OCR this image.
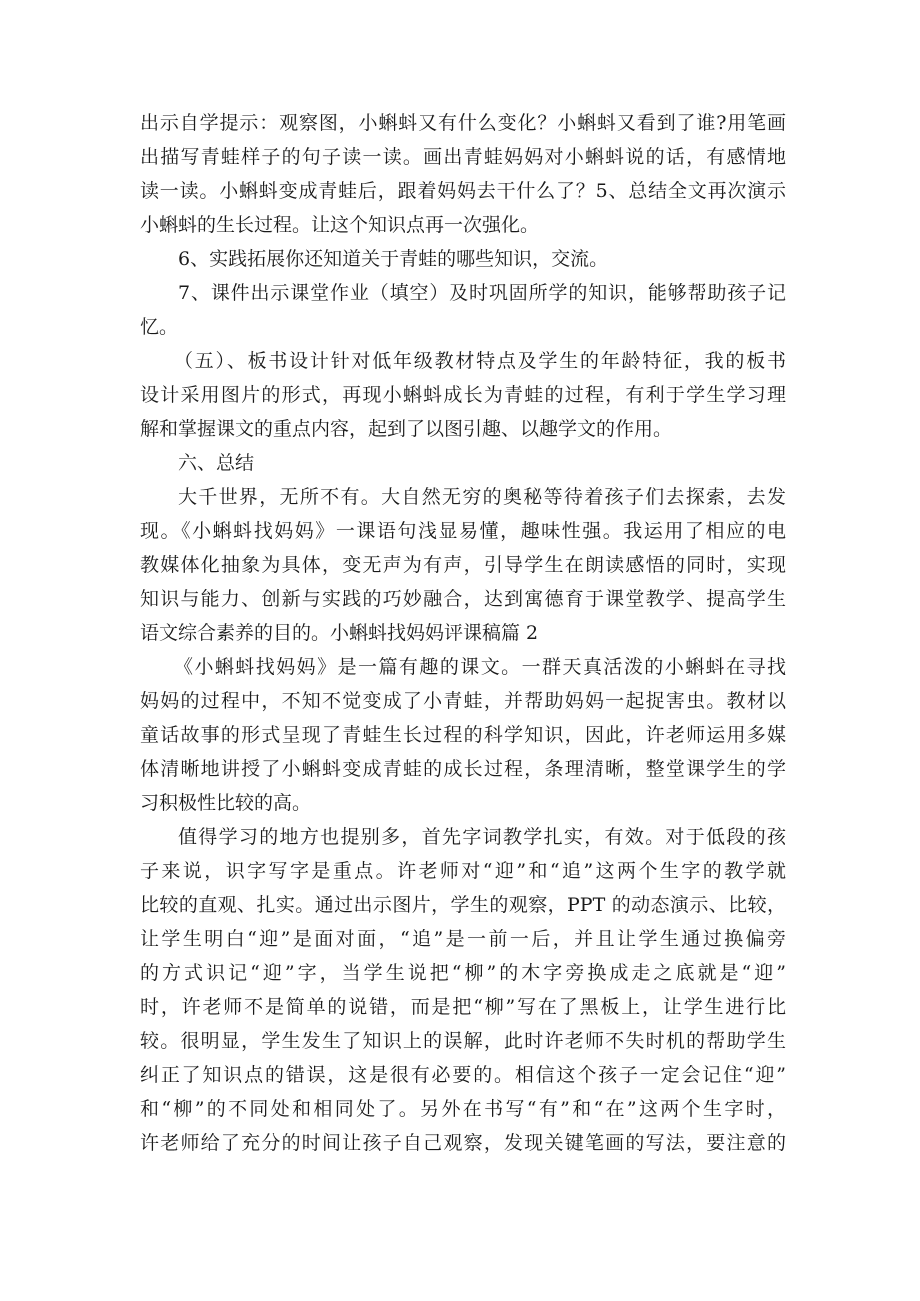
出示自学提示：观察图，小蝌蚪又有什么变化？小蝌蚪又看到了谁?用笔画
出描写青蛙样子的句子读一读。画出青蛙妈妈对小蝌蚪说的话，有感情地
读一读。小蝌蚪变成青蛙后，跟着妈妈去干什么了？5、总结全文再次演示
小蝌蚪的生长过程。让这个知识点再一次强化。
6、实践拓展你还知道关于青蛙的哪些知识，交流。
7、课件出示课堂作业（填空）及时巩固所学的知识，能够帮助孩子记
忆。
（五）、板书设计针对低年级教材特点及学生的年龄特征，我的板书
设计采用图片的形式，再现小蝌蚪成长为青蛙的过程，有利于学生学习理
解和掌握课文的重点内容，起到了以图引趣、以趣学文的作用。
六、总结
大千世界，无所不有。大自然无穷的奥秘等待着孩子们去探索，去发
现。《小蝌蚪找妈妈》一课语句浅显易懂，趣味性强。我运用了相应的电
教媒体化抽象为具体，变无声为有声，引导学生在朗读感悟的同时，实现
知识与能力、创新与实践的巧妙融合，达到寓德育于课堂教学、提高学生
语文综合素养的目的。小蝌蚪找妈妈评课稿篇 2
《小蝌蚪找妈妈》是一篇有趣的课文。一群天真活泼的小蝌蚪在寻找
妈妈的过程中，不知不觉变成了小青蛙，并帮助妈妈一起捉害虫。教材以
童话故事的形式呈现了青蛙生长过程的科学知识，因此，许老师运用多媒
体清晰地讲授了小蝌蚪变成青蛙的成长过程，条理清晰，整堂课学生的学
习积极性比较的高。
值得学习的地方也提别多，首先字词教学扎实，有效。对于低段的孩
子来说，识字写字是重点。许老师对“迎”和“追”这两个生字的教学就
比较的直观、扎实。通过出示图片，学生的观察，PPT 的动态演示、比较，
让学生明白“迎”是面对面，“追”是一前一后，并且让学生通过换偏旁
的方式识记“迎”字，当学生说把“柳”的木字旁换成走之底就是“迎”
时，许老师不是简单的说错，而是把“柳”写在了黑板上，让学生进行比
较。很明显，学生发生了知识上的误解，此时许老师不失时机的帮助学生
纠正了知识点的错误，这是很有必要的。相信这个孩子一定会记住“迎”
和“柳”的不同处和相同处了。另外在书写“有”和“在”这两个生字时，
许老师给了充分的时间让孩子自己观察，发现关键笔画的写法，要注意的
